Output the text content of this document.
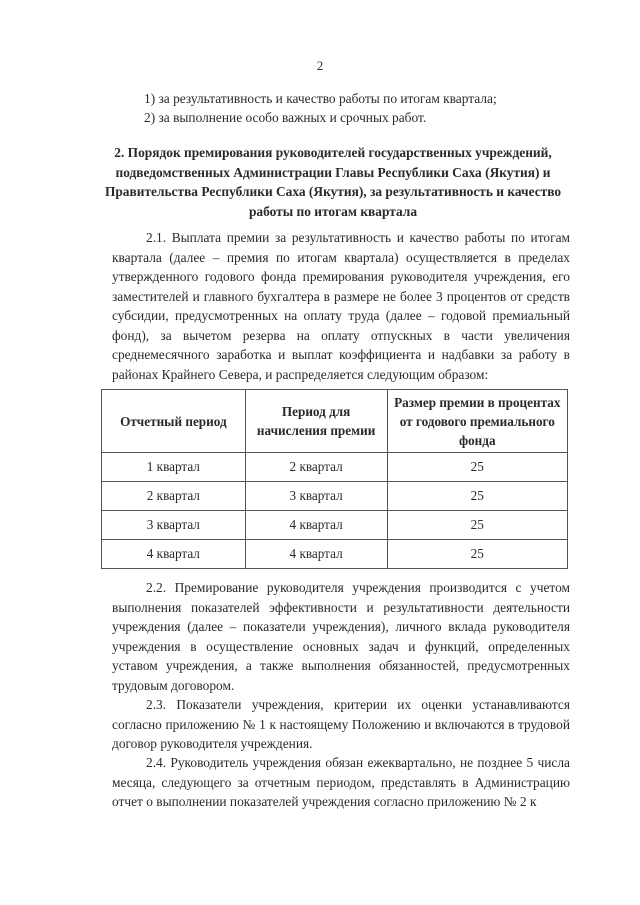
2
1) за результативность и качество работы по итогам квартала;
2) за выполнение особо важных и срочных работ.
2. Порядок премирования руководителей государственных учреждений, подведомственных Администрации Главы Республики Саха (Якутия) и Правительства Республики Саха (Якутия), за результативность и качество работы по итогам квартала

2.1. Выплата премии за результативность и качество работы по итогам квартала (далее – премия по итогам квартала) осуществляется в пределах утвержденного годового фонда премирования руководителя учреждения, его заместителей и главного бухгалтера в размере не более 3 процентов от средств субсидии, предусмотренных на оплату труда (далее – годовой премиальный фонд), за вычетом резерва на оплату отпускных в части увеличения среднемесячного заработка и выплат коэффициента и надбавки за работу в районах Крайнего Севера, и распределяется следующим образом:

Отчетный период	Период для начисления премии	Размер премии в процентах от годового премиального фонда
1 квартал	2 квартал	25
2 квартал	3 квартал	25
3 квартал	4 квартал	25
4 квартал	4 квартал	25

2.2. Премирование руководителя учреждения производится с учетом выполнения показателей эффективности и результативности деятельности учреждения (далее – показатели учреждения), личного вклада руководителя учреждения в осуществление основных задач и функций, определенных уставом учреждения, а также выполнения обязанностей, предусмотренных трудовым договором.

2.3. Показатели учреждения, критерии их оценки устанавливаются согласно приложению № 1 к настоящему Положению и включаются в трудовой договор руководителя учреждения.

2.4. Руководитель учреждения обязан ежеквартально, не позднее 5 числа месяца, следующего за отчетным периодом, представлять в Администрацию отчет о выполнении показателей учреждения согласно приложению № 2 к
